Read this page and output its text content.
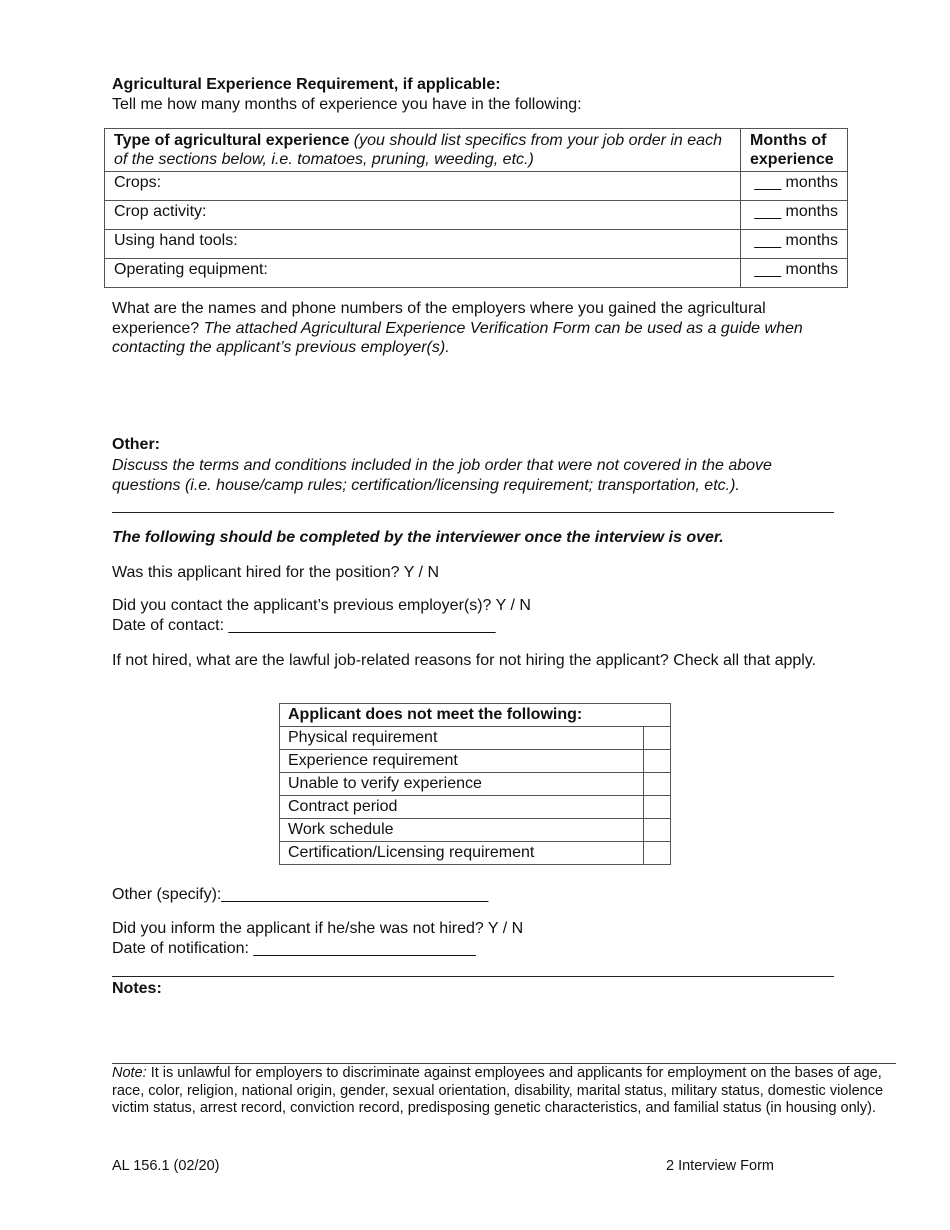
Agricultural Experience Requirement, if applicable:
Tell me how many months of experience you have in the following:
Type of agricultural experience (you should list specifics from your job order in each of the sections below, i.e. tomatoes, pruning, weeding, etc.)	Months of experience
Crops:	___ months
Crop activity:	___ months
Using hand tools:	___ months
Operating equipment:	___ months
What are the names and phone numbers of the employers where you gained the agricultural experience? The attached Agricultural Experience Verification Form can be used as a guide when contacting the applicant’s previous employer(s).
Other:
Discuss the terms and conditions included in the job order that were not covered in the above questions (i.e. house/camp rules; certification/licensing requirement; transportation, etc.).
The following should be completed by the interviewer once the interview is over.
Was this applicant hired for the position? Y / N
Did you contact the applicant’s previous employer(s)? Y / N
Date of contact: ______________________________
If not hired, what are the lawful job-related reasons for not hiring the applicant? Check all that apply.
Applicant does not meet the following:	
Physical requirement	
Experience requirement	
Unable to verify experience	
Contract period	
Work schedule	
Certification/Licensing requirement	
Other (specify):______________________________
Did you inform the applicant if he/she was not hired? Y / N
Date of notification: _________________________
Notes:
Note: It is unlawful for employers to discriminate against employees and applicants for employment on the bases of age, race, color, religion, national origin, gender, sexual orientation, disability, marital status, military status, domestic violence victim status, arrest record, conviction record, predisposing genetic characteristics, and familial status (in housing only).
AL 156.1 (02/20)	2 Interview Form
